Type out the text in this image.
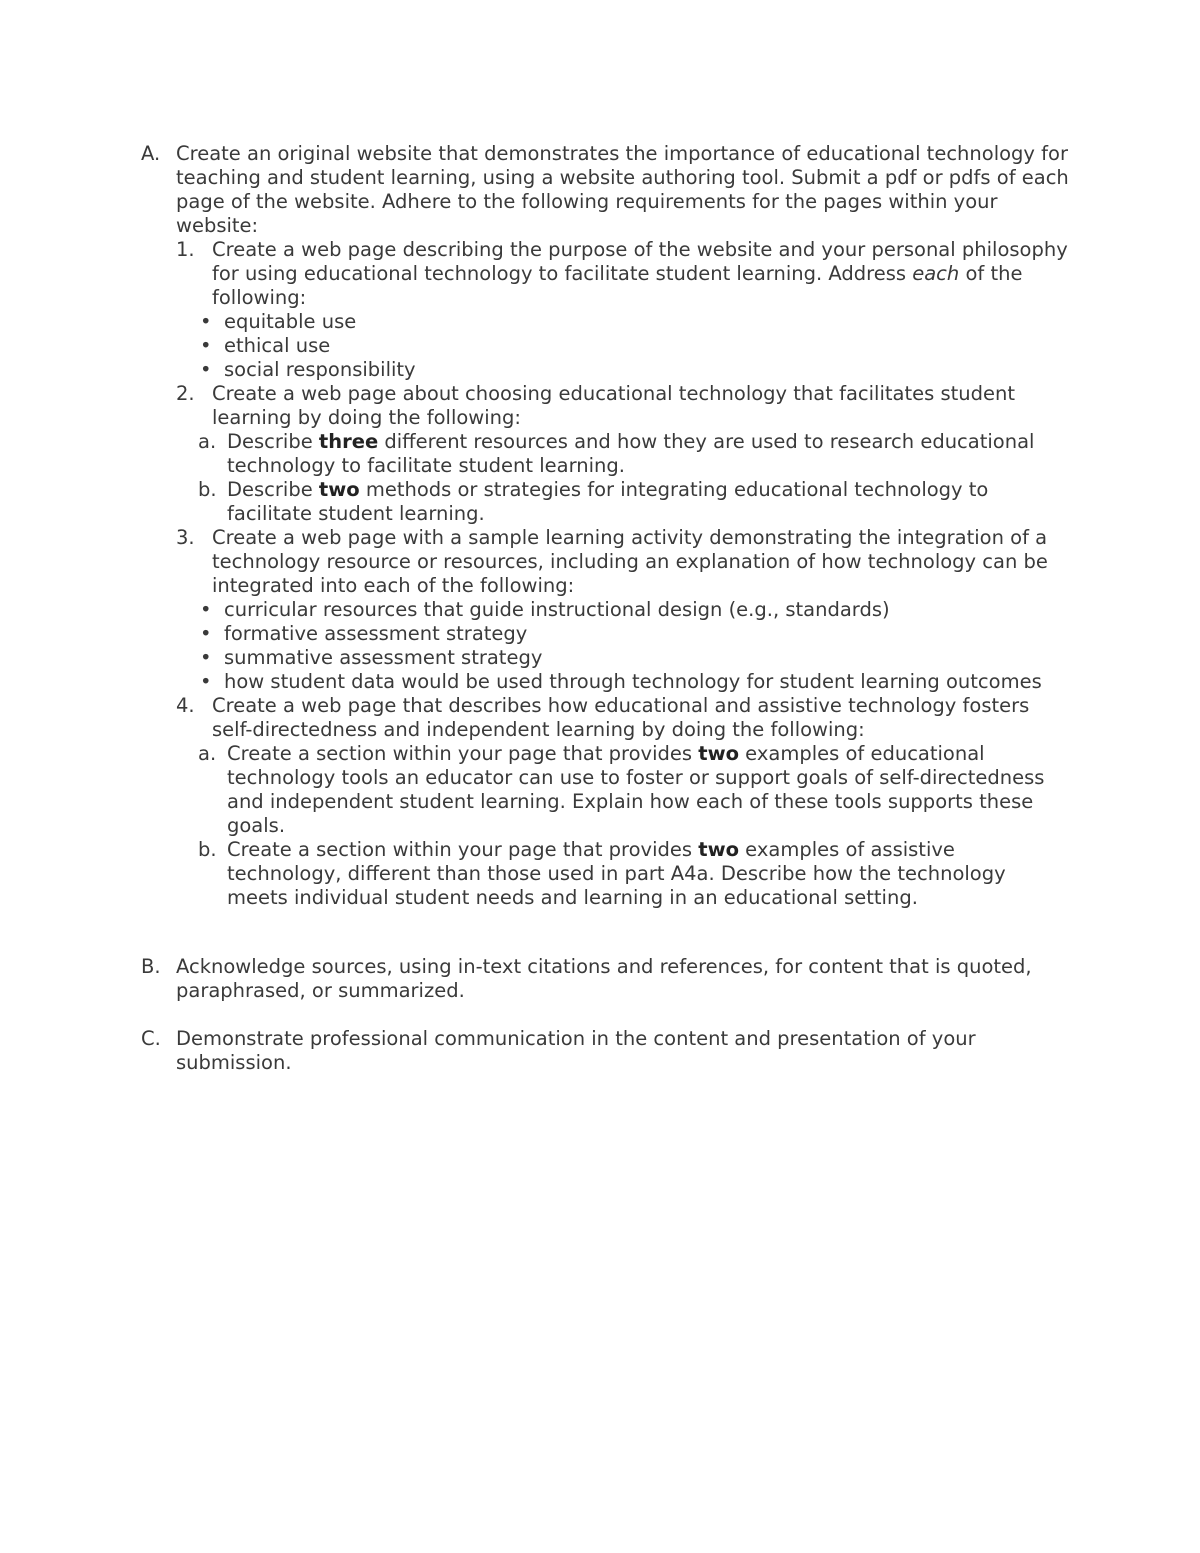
A. Create an original website that demonstrates the importance of educational technology for teaching and student learning, using a website authoring tool. Submit a pdf or pdfs of each page of the website. Adhere to the following requirements for the pages within your website:
1. Create a web page describing the purpose of the website and your personal philosophy for using educational technology to facilitate student learning. Address each of the following:
• equitable use
• ethical use
• social responsibility
2. Create a web page about choosing educational technology that facilitates student learning by doing the following:
a. Describe three different resources and how they are used to research educational technology to facilitate student learning.
b. Describe two methods or strategies for integrating educational technology to facilitate student learning.
3. Create a web page with a sample learning activity demonstrating the integration of a technology resource or resources, including an explanation of how technology can be integrated into each of the following:
• curricular resources that guide instructional design (e.g., standards)
• formative assessment strategy
• summative assessment strategy
• how student data would be used through technology for student learning outcomes
4. Create a web page that describes how educational and assistive technology fosters self-directedness and independent learning by doing the following:
a. Create a section within your page that provides two examples of educational technology tools an educator can use to foster or support goals of self-directedness and independent student learning. Explain how each of these tools supports these goals.
b. Create a section within your page that provides two examples of assistive technology, different than those used in part A4a. Describe how the technology meets individual student needs and learning in an educational setting.
B. Acknowledge sources, using in-text citations and references, for content that is quoted, paraphrased, or summarized.
C. Demonstrate professional communication in the content and presentation of your submission.
